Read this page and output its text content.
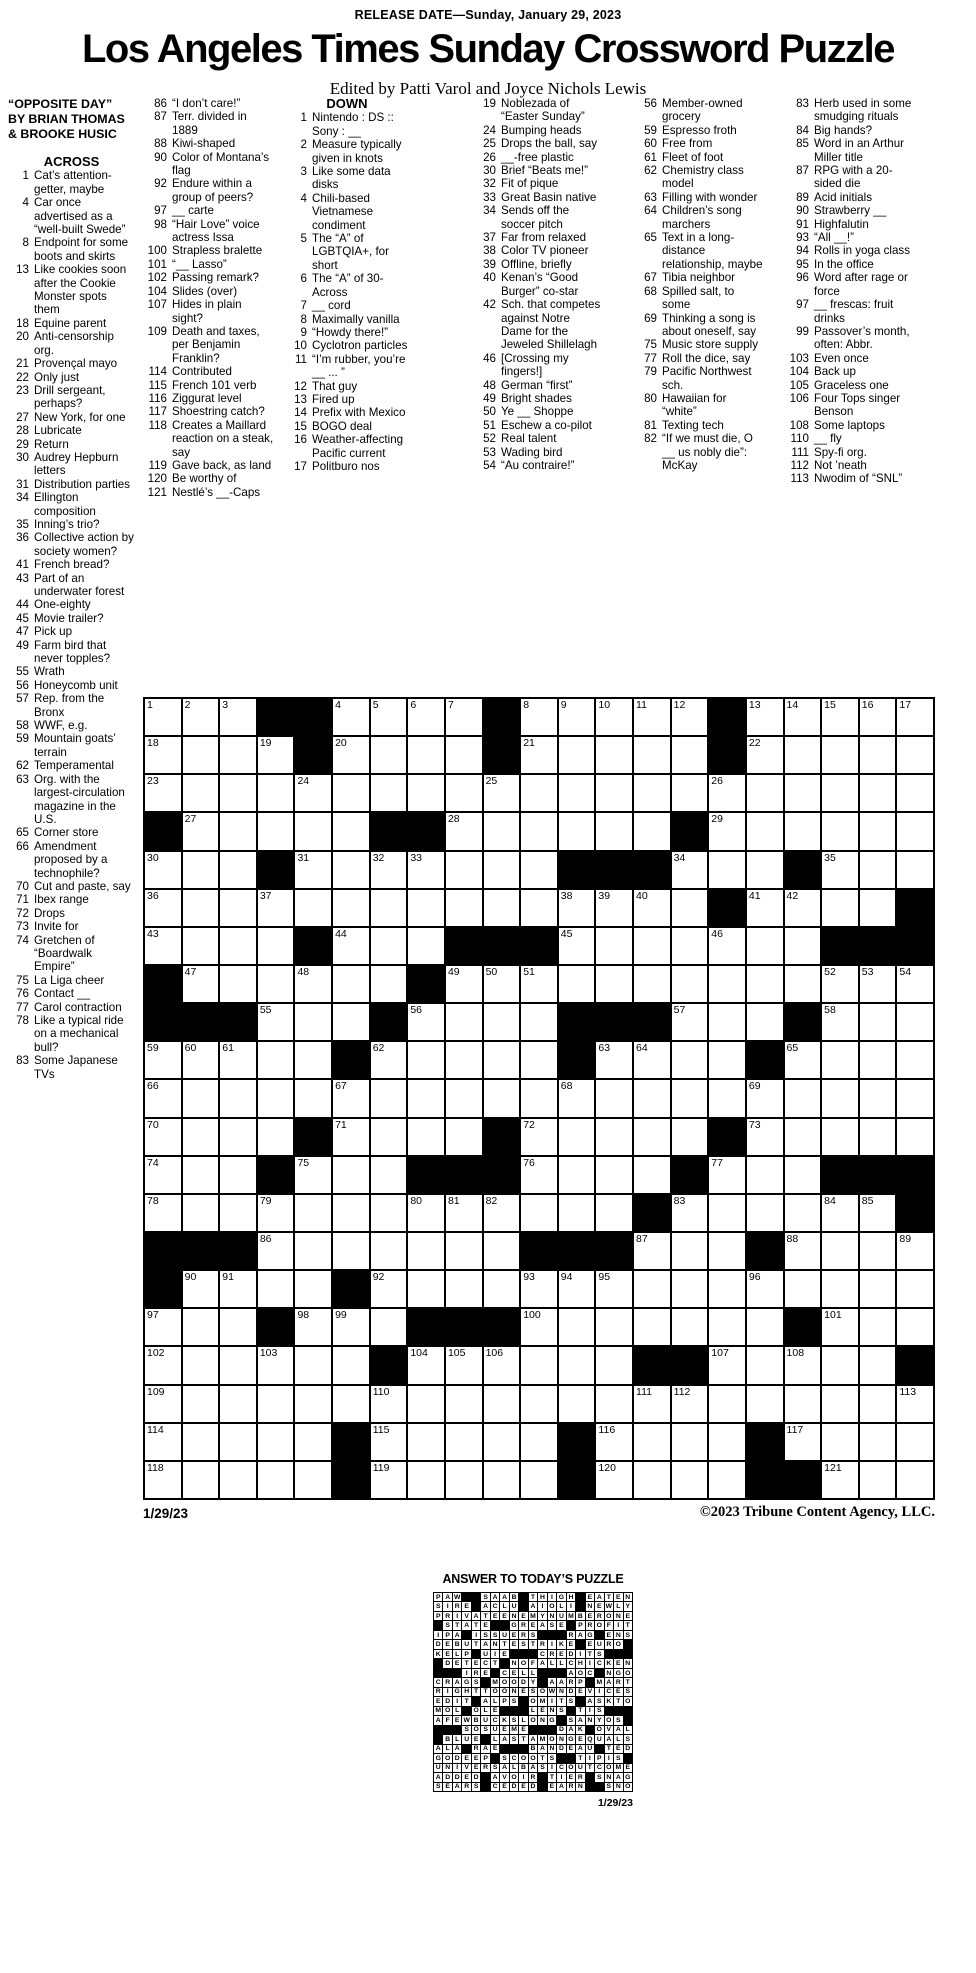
RELEASE DATE—Sunday, January 29, 2023
Los Angeles Times Sunday Crossword Puzzle
Edited by Patti Varol and Joyce Nichols Lewis
“OPPOSITE DAY”
BY BRIAN THOMAS
& BROOKE HUSIC
ACROSS
1 Cat’s attention-getter, maybe
4 Car once advertised as a “well-built Swede”
8 Endpoint for some boots and skirts
13 Like cookies soon after the Cookie Monster spots them
18 Equine parent
20 Anti-censorship org.
21 Provençal mayo
22 Only just
23 Drill sergeant, perhaps?
27 New York, for one
28 Lubricate
29 Return
30 Audrey Hepburn letters
31 Distribution parties
34 Ellington composition
35 Inning’s trio?
36 Collective action by society women?
41 French bread?
43 Part of an underwater forest
44 One-eighty
45 Movie trailer?
47 Pick up
49 Farm bird that never topples?
55 Wrath
56 Honeycomb unit
57 Rep. from the Bronx
58 WWF, e.g.
59 Mountain goats’ terrain
62 Temperamental
63 Org. with the largest-circulation magazine in the U.S.
65 Corner store
66 Amendment proposed by a technophile?
70 Cut and paste, say
71 Ibex range
72 Drops
73 Invite for
74 Gretchen of “Boardwalk Empire”
75 La Liga cheer
76 Contact __
77 Carol contraction
78 Like a typical ride on a mechanical bull?
83 Some Japanese TVs
86 “I don’t care!”
87 Terr. divided in 1889
88 Kiwi-shaped
90 Color of Montana’s flag
92 Endure within a group of peers?
97 __ carte
98 “Hair Love” voice actress Issa
100 Strapless bralette
101 “__ Lasso”
102 Passing remark?
104 Slides (over)
107 Hides in plain sight?
109 Death and taxes, per Benjamin Franklin?
114 Contributed
115 French 101 verb
116 Ziggurat level
117 Shoestring catch?
118 Creates a Maillard reaction on a steak, say
119 Gave back, as land
120 Be worthy of
121 Nestlé’s __-Caps
DOWN
1 Nintendo : DS :: Sony : __
2 Measure typically given in knots
3 Like some data disks
4 Chili-based Vietnamese condiment
5 The “A” of LGBTQIA+, for short
6 The “A” of 30-Across
7 __ cord
8 Maximally vanilla
9 “Howdy there!”
10 Cyclotron particles
11 “I’m rubber, you’re __ ... ”
12 That guy
13 Fired up
14 Prefix with Mexico
15 BOGO deal
16 Weather-affecting Pacific current
17 Politburo nos
19 Noblezada of “Easter Sunday”
24 Bumping heads
25 Drops the ball, say
26 __-free plastic
30 Brief “Beats me!”
32 Fit of pique
33 Great Basin native
34 Sends off the soccer pitch
37 Far from relaxed
38 Color TV pioneer
39 Offline, briefly
40 Kenan’s “Good Burger” co-star
42 Sch. that competes against Notre Dame for the Jeweled Shillelagh
46 [Crossing my fingers!]
48 German “first”
49 Bright shades
50 Ye __ Shoppe
51 Eschew a co-pilot
52 Real talent
53 Wading bird
54 “Au contraire!”
56 Member-owned grocery
59 Espresso froth
60 Free from
61 Fleet of foot
62 Chemistry class model
63 Filling with wonder
64 Children’s song marchers
65 Text in a long-distance relationship, maybe
67 Tibia neighbor
68 Spilled salt, to some
69 Thinking a song is about oneself, say
75 Music store supply
77 Roll the dice, say
79 Pacific Northwest sch.
80 Hawaiian for “white”
81 Texting tech
82 “If we must die, O __ us nobly die”: McKay
83 Herb used in some smudging rituals
84 Big hands?
85 Word in an Arthur Miller title
87 RPG with a 20-sided die
89 Acid initials
90 Strawberry __
91 Highfalutin
93 “All __!”
94 Rolls in yoga class
95 In the office
96 Word after rage or force
97 __ frescas: fruit drinks
99 Passover’s month, often: Abbr.
103 Even once
104 Back up
105 Graceless one
106 Four Tops singer Benson
108 Some laptops
110 __ fly
111 Spy-fi org.
112 Not ’neath
113 Nwodim of “SNL”
1	2	3	4	5	6	7	8	9	10 11	12	13 14 15 16 17
18	19	20	21	22
23	24	25	26
27	28	29
30	31	32 33	34	35
36	37	38 39 40	41 42
43	44	45	46
47	48	49 50 51	52 53 54
55	56	57	58
59 60 61	62	63 64	65
66	67	68	69
70	71	72	73
74	75	76	77
78	79	80 81 82	83	84 85
86	87	88	89
90 91	92	93 94 95	96
97	98 99	100	101
102	103	104 105 106	107	108
109	110	111 112	113
114	115	116	117
118	119	120	121
1/29/23	©2023 Tribune Content Agency, LLC.
ANSWER TO TODAY’S PUZZLE
P A W	S A A B	T H I G H E A T E N
S I R E A C L U A I O L I	N E W L Y
P R I V A T E E N E M Y N U M B E R O N E
S T A T E	G R E A S E P R O F I T
I P A	I S S U E R S	R A G E N S
D E B U T A N T E S T R I K E E U R O
K E L P U I E	C R E D I T S
D E T E C T	N O F A L L C H I C K E N
I R E C E L L	A O C N G O
C R A G S M O O D Y A A R P M A R T
R I G H T T O O N E S O W N D E V I C E S
E D I T	A L P S O M I T S A S K T O
M O L	O L E	L E N S	T I S
A F E W B U C K S L O N G S A N Y O S
S O S U E M E	D A K O V A L
B L U E	L A S T A M O N G E Q U A L S
A L A R A E	B A N D E A U	T E D
G O D E E P S C O O T S	T I P I S
U N I V E R S A L B A S I C O U T C O M E
A D D E D A V O I R	T I E R S N A G
S E A R S C E D E D E A R N	S N O
1/29/23
